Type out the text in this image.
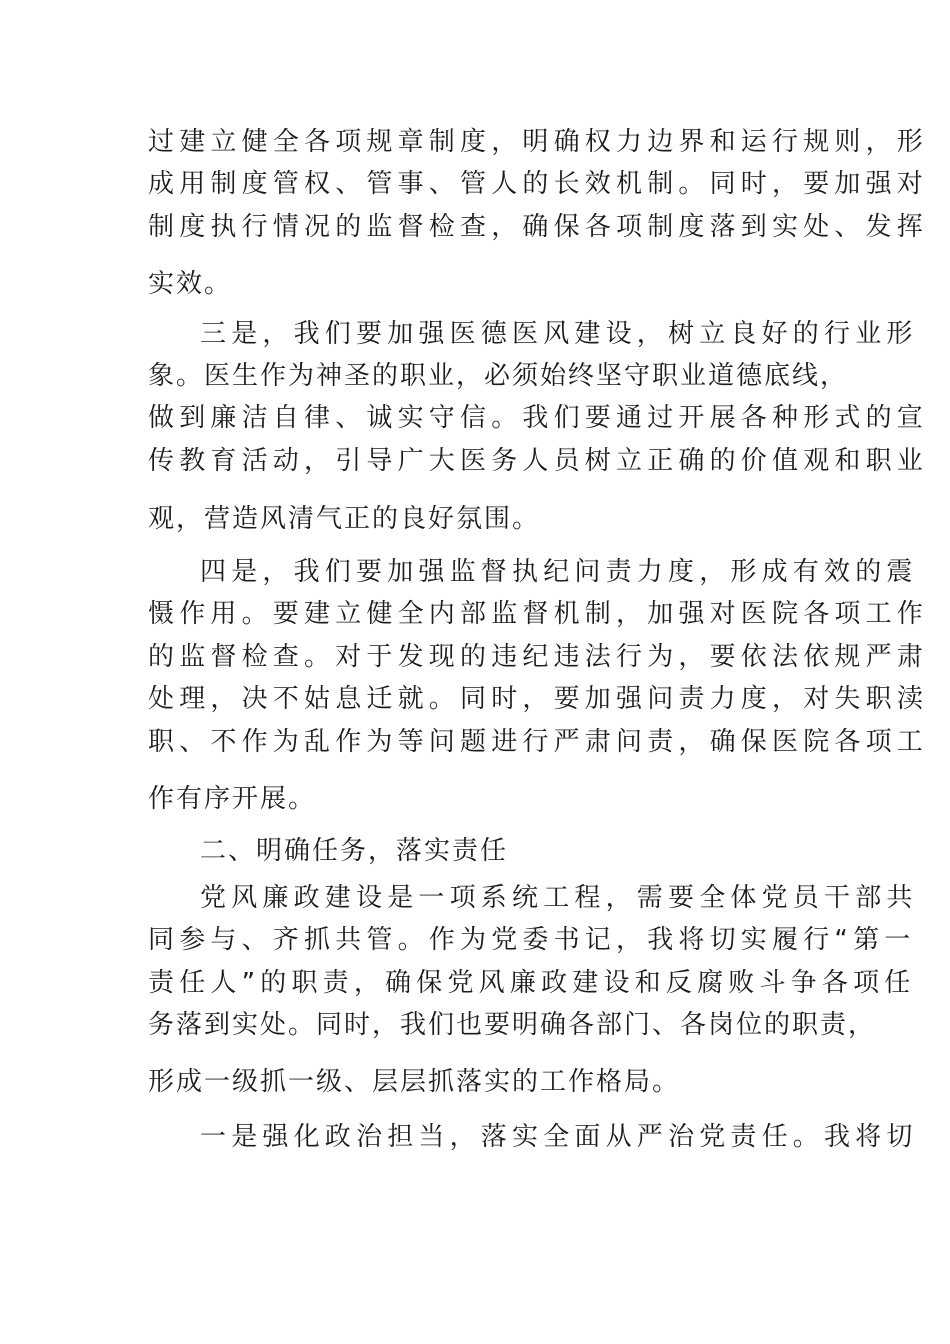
过建立健全各项规章制度，明确权力边界和运行规则，形
成用制度管权、管事、管人的长效机制。同时，要加强对
制度执行情况的监督检查，确保各项制度落到实处、发挥
实效。
三是，我们要加强医德医风建设，树立良好的行业形
象。医生作为神圣的职业，必须始终坚守职业道德底线，
做到廉洁自律、诚实守信。我们要通过开展各种形式的宣
传教育活动，引导广大医务人员树立正确的价值观和职业
观，营造风清气正的良好氛围。
四是，我们要加强监督执纪问责力度，形成有效的震
慑作用。要建立健全内部监督机制，加强对医院各项工作
的监督检查。对于发现的违纪违法行为，要依法依规严肃
处理，决不姑息迁就。同时，要加强问责力度，对失职渎
职、不作为乱作为等问题进行严肃问责，确保医院各项工
作有序开展。
二、明确任务，落实责任
党风廉政建设是一项系统工程，需要全体党员干部共
同参与、齐抓共管。作为党委书记，我将切实履行“第一
责任人”的职责，确保党风廉政建设和反腐败斗争各项任
务落到实处。同时，我们也要明确各部门、各岗位的职责，
形成一级抓一级、层层抓落实的工作格局。
一是强化政治担当，落实全面从严治党责任。我将切
